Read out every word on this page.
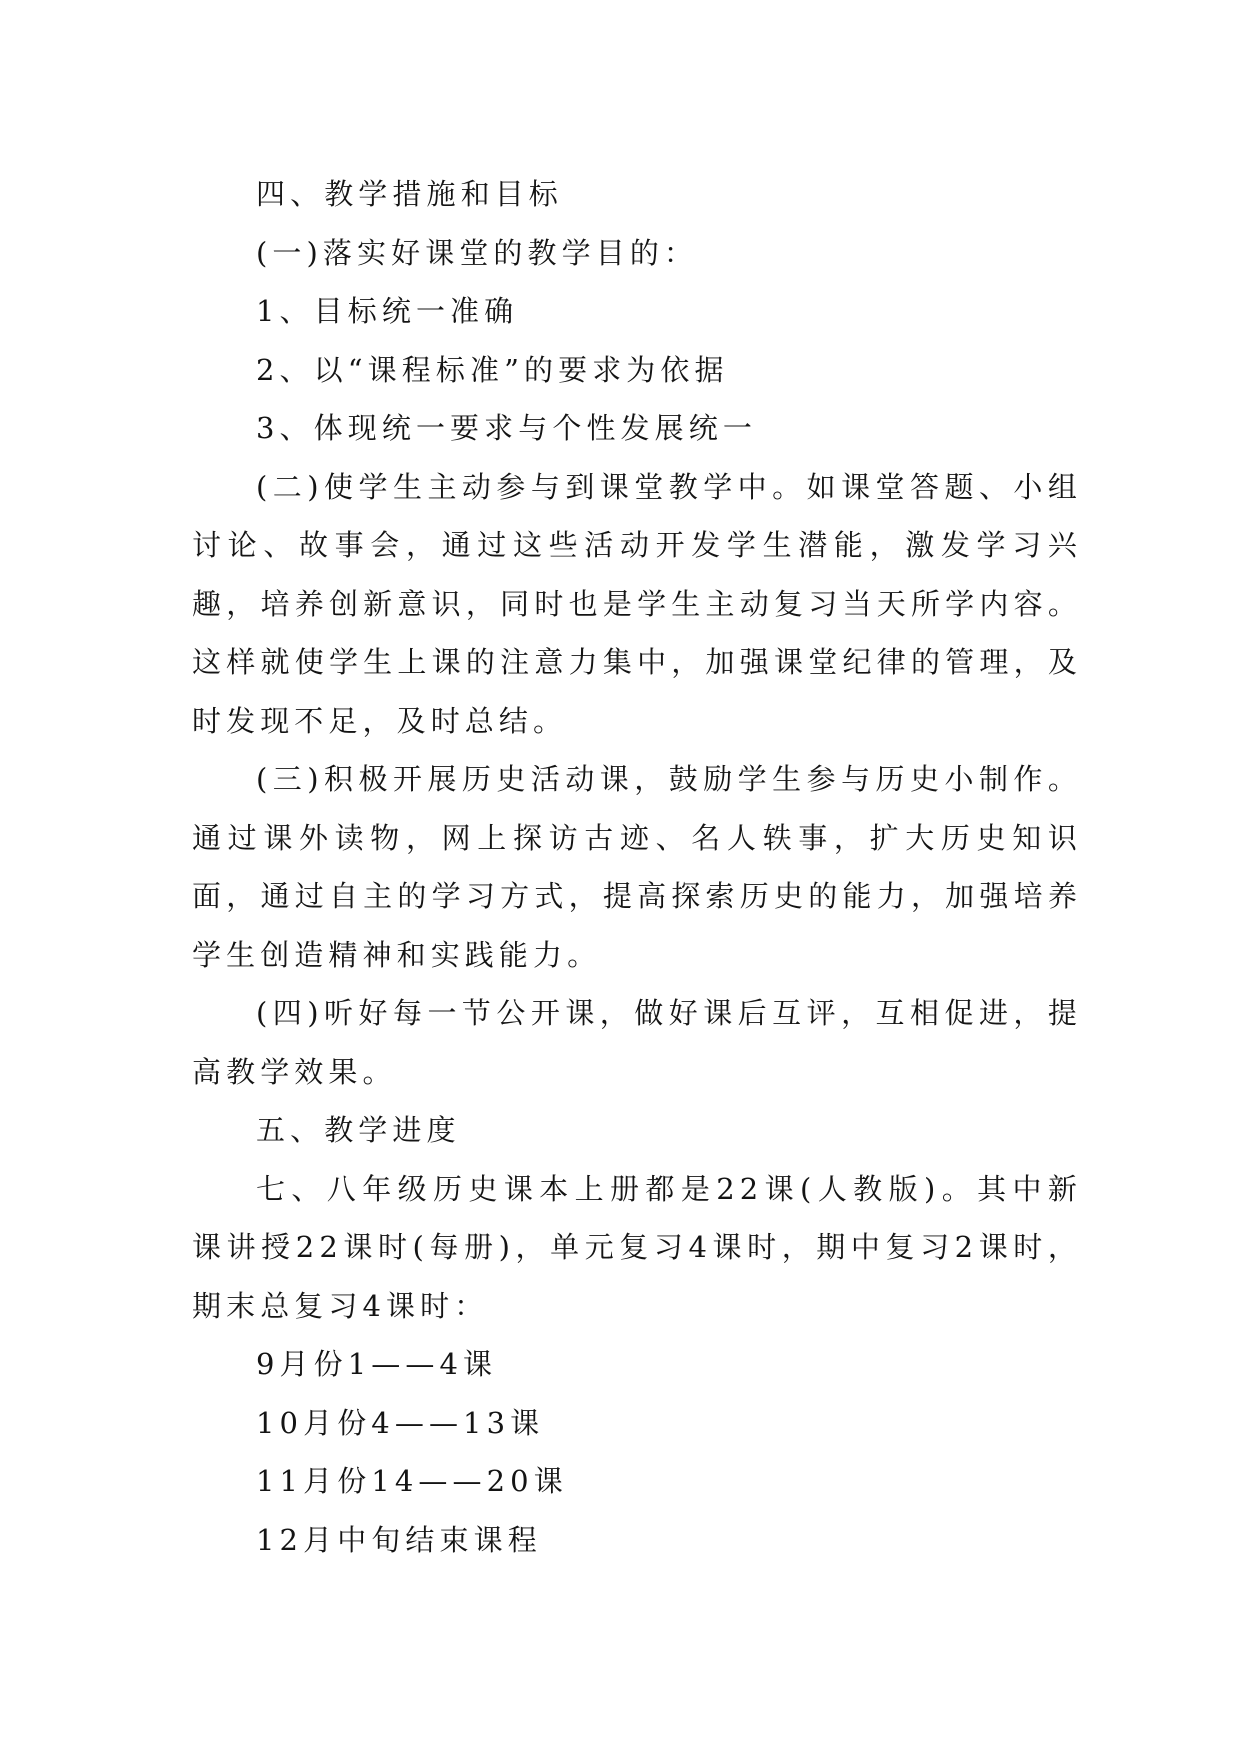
四、教学措施和目标

(一)落实好课堂的教学目的：

1、目标统一准确

2、以“课程标准”的要求为依据

3、体现统一要求与个性发展统一

(二)使学生主动参与到课堂教学中。如课堂答题、小组讨论、故事会，通过这些活动开发学生潜能，激发学习兴趣，培养创新意识，同时也是学生主动复习当天所学内容。这样就使学生上课的注意力集中，加强课堂纪律的管理，及时发现不足，及时总结。

(三)积极开展历史活动课，鼓励学生参与历史小制作。通过课外读物，网上探访古迹、名人轶事，扩大历史知识面，通过自主的学习方式，提高探索历史的能力，加强培养学生创造精神和实践能力。

(四)听好每一节公开课，做好课后互评，互相促进，提高教学效果。

五、教学进度

七、八年级历史课本上册都是22课(人教版)。其中新课讲授22课时(每册)，单元复习4课时，期中复习2课时，期末总复习4课时：

9月份1——4课

10月份4——13课

11月份14——20课

12月中旬结束课程
